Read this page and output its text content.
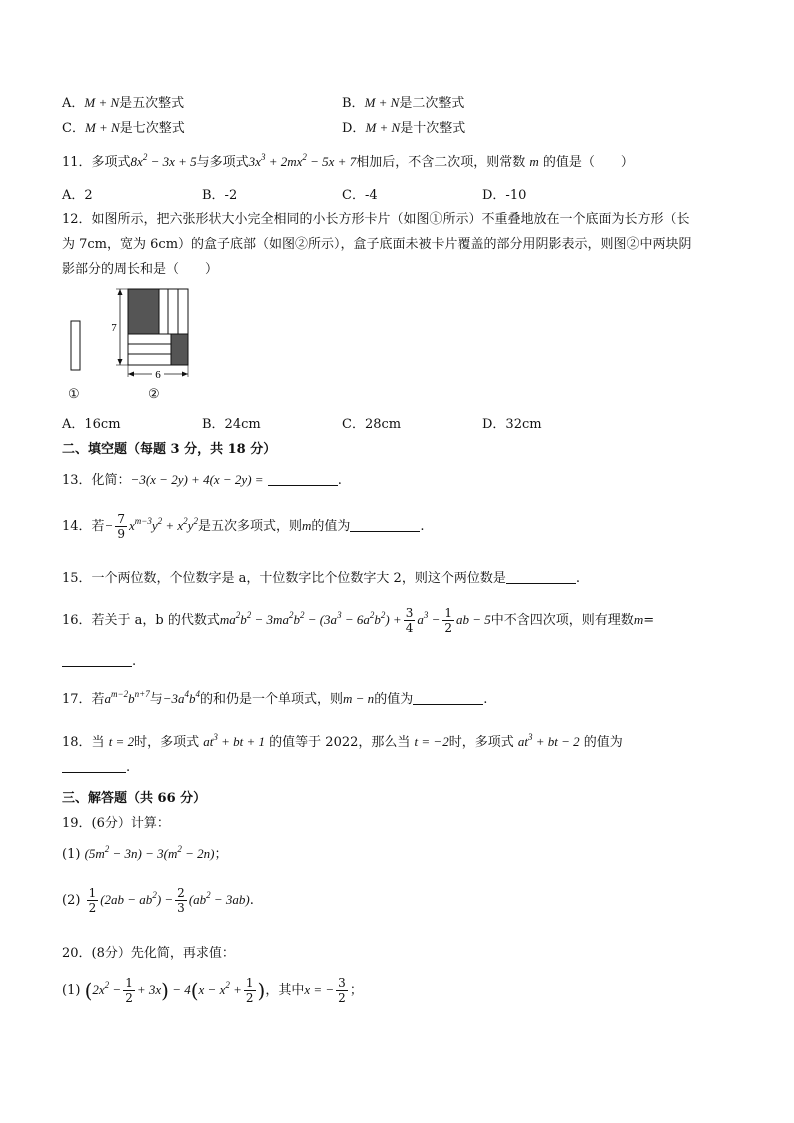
A．M + N是五次整式	B．M + N是二次整式
C．M + N是七次整式	D．M + N是十次整式
11．多项式$8x^2 - 3x + 5$与多项式$3x^3 + 2mx^2 - 5x + 7$相加后，不含二次项，则常数 m 的值是（　　）
A．2	B．-2	C．-4	D．-10
12．如图所示，把六张形状大小完全相同的小长方形卡片（如图①所示）不重叠地放在一个底面为长方形（长
为 7cm，宽为 6cm）的盒子底部（如图②所示），盒子底面未被卡片覆盖的部分用阴影表示，则图②中两块阴
影部分的周长和是（　　）
7
6
①	②
A．16cm	B．24cm	C．28cm	D．32cm
二、填空题（每题 3 分，共 18 分）
13．化简：−3(x − 2y) + 4(x − 2y) =	.
14．若− $\frac{7}{9} x^{m-3}y^2 + x^2y^2$是五次多项式，则m的值为	.
15．一个两位数，个位数字是 a，十位数字比个位数字大 2，则这个两位数是	.
16．若关于 a，b 的代数式$ma^2b^2 - 3ma^2b^2 - (3a^3 - 6a^2b^2) + \frac{3}{4} a^3 - \frac{1}{2}$ ab − 5中不含四次项，则有理数m=
.
17．若$a^{m-2}b^{n+7}$与$-3a^4b^4$的和仍是一个单项式，则m − n的值为	.
18．当 t = 2时，多项式 $at^3$ + bt + 1 的值等于 2022，那么当 t = −2时，多项式 $at^3$ + bt − 2 的值为
.
三、解答题（共 66 分）
19．(6分）计算：
(1) $(5m^2 - 3n) - 3(m^2 - 2n)$；
$(2) \frac{1}{2} (2ab - ab^2) - \frac{2}{3} (ab^2 - 3ab)$.
20．(8分）先化简，再求值：
(1) $(2x^2 - \frac{1}{2} + 3x) - 4(x - x^2 + \frac{1}{2}$ )，其中x = − $\frac{3}{2}$ ；
